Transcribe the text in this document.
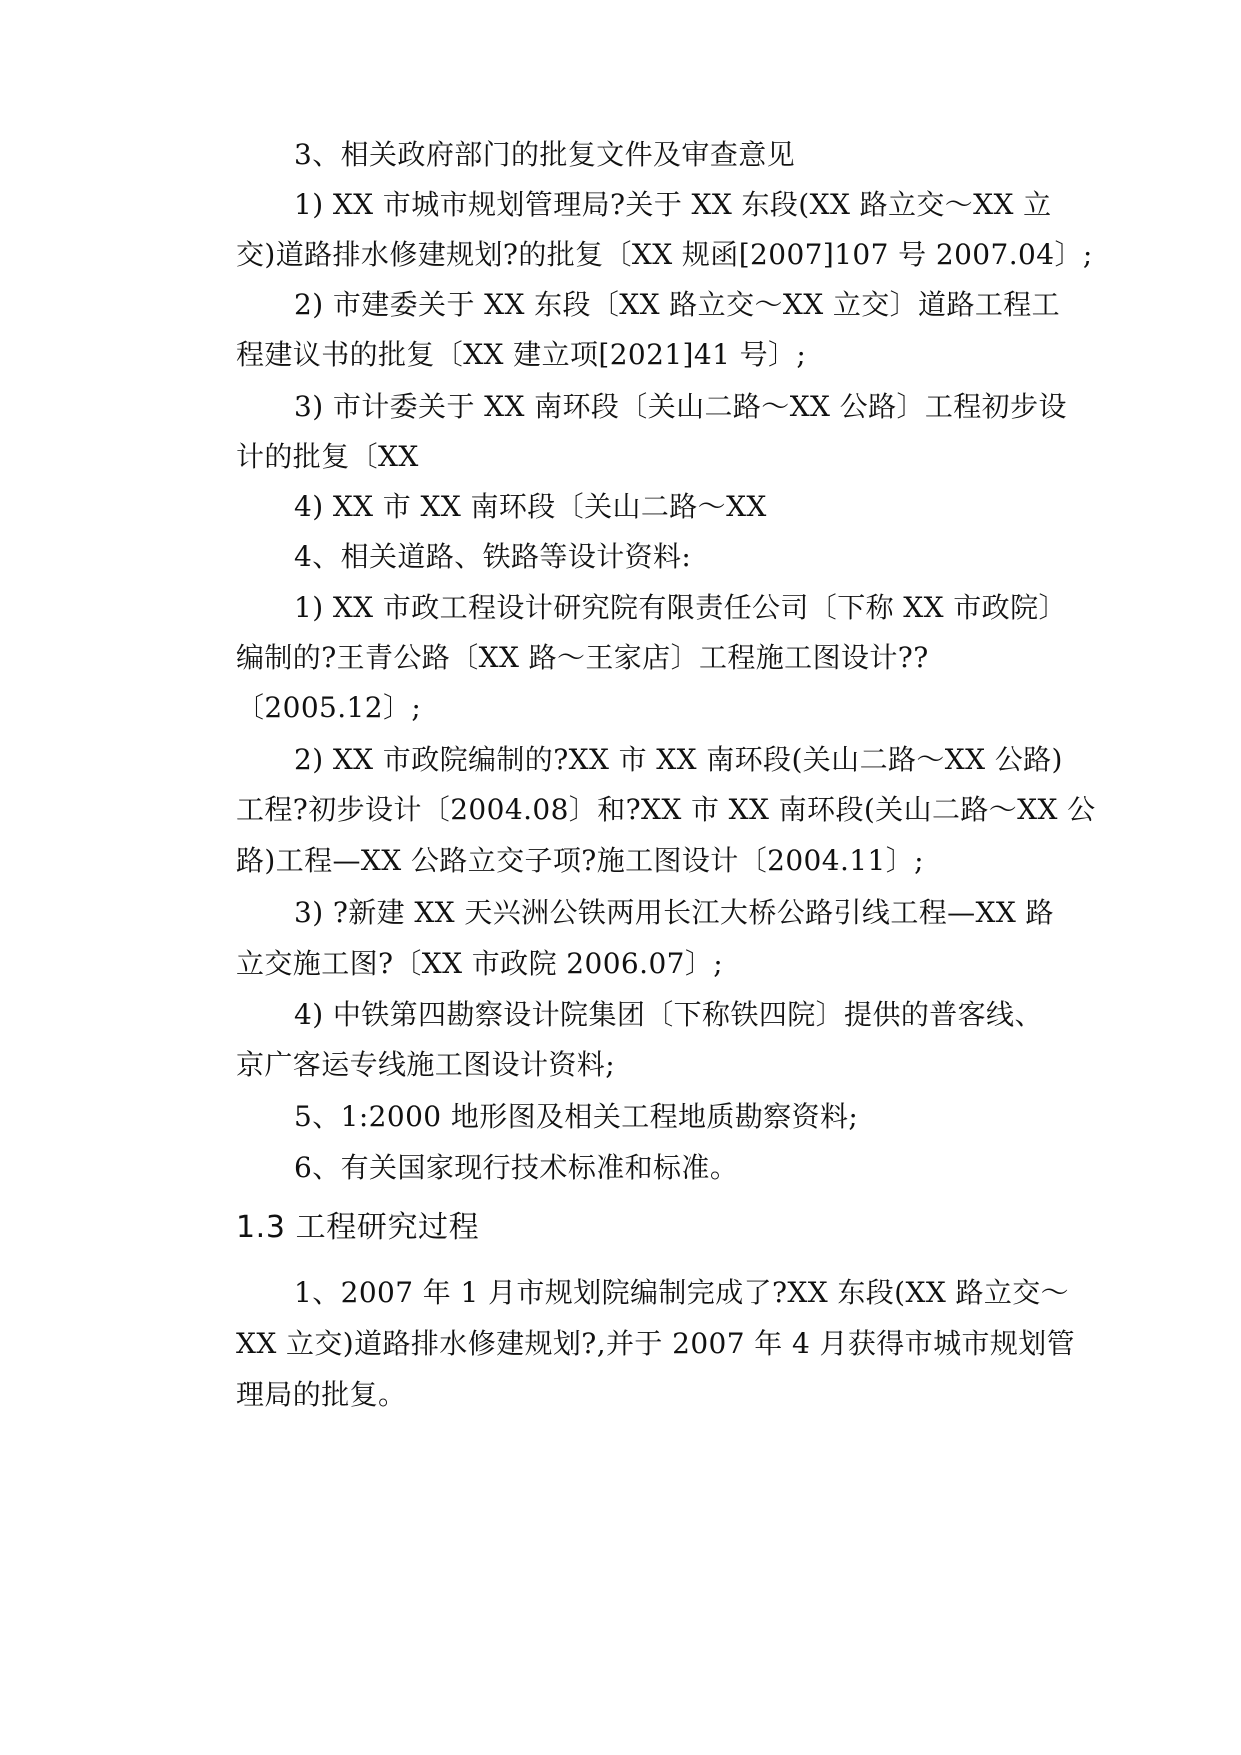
3、相关政府部门的批复文件及审查意见
1) XX 市城市规划管理局?关于 XX 东段(XX 路立交～XX 立
交)道路排水修建规划?的批复〔XX 规函[2007]107 号 2007.04〕;
2) 市建委关于 XX 东段〔XX 路立交～XX 立交〕道路工程工
程建议书的批复〔XX 建立项[2021]41 号〕;
3) 市计委关于 XX 南环段〔关山二路～XX 公路〕工程初步设
计的批复〔XX
4) XX 市 XX 南环段〔关山二路～XX
4、相关道路、铁路等设计资料:
1) XX 市政工程设计研究院有限责任公司〔下称 XX 市政院〕
编制的?王青公路〔XX 路～王家店〕工程施工图设计??
〔2005.12〕;
2) XX 市政院编制的?XX 市 XX 南环段(关山二路～XX 公路)
工程?初步设计〔2004.08〕和?XX 市 XX 南环段(关山二路～XX 公
路)工程—XX 公路立交子项?施工图设计〔2004.11〕;
3) ?新建 XX 天兴洲公铁两用长江大桥公路引线工程—XX 路
立交施工图?〔XX 市政院 2006.07〕;
4) 中铁第四勘察设计院集团〔下称铁四院〕提供的普客线、
京广客运专线施工图设计资料;
5、1:2000 地形图及相关工程地质勘察资料;
6、有关国家现行技术标准和标准。
1.3 工程研究过程
1、2007 年 1 月市规划院编制完成了?XX 东段(XX 路立交～
XX 立交)道路排水修建规划?,并于 2007 年 4 月获得市城市规划管
理局的批复。
